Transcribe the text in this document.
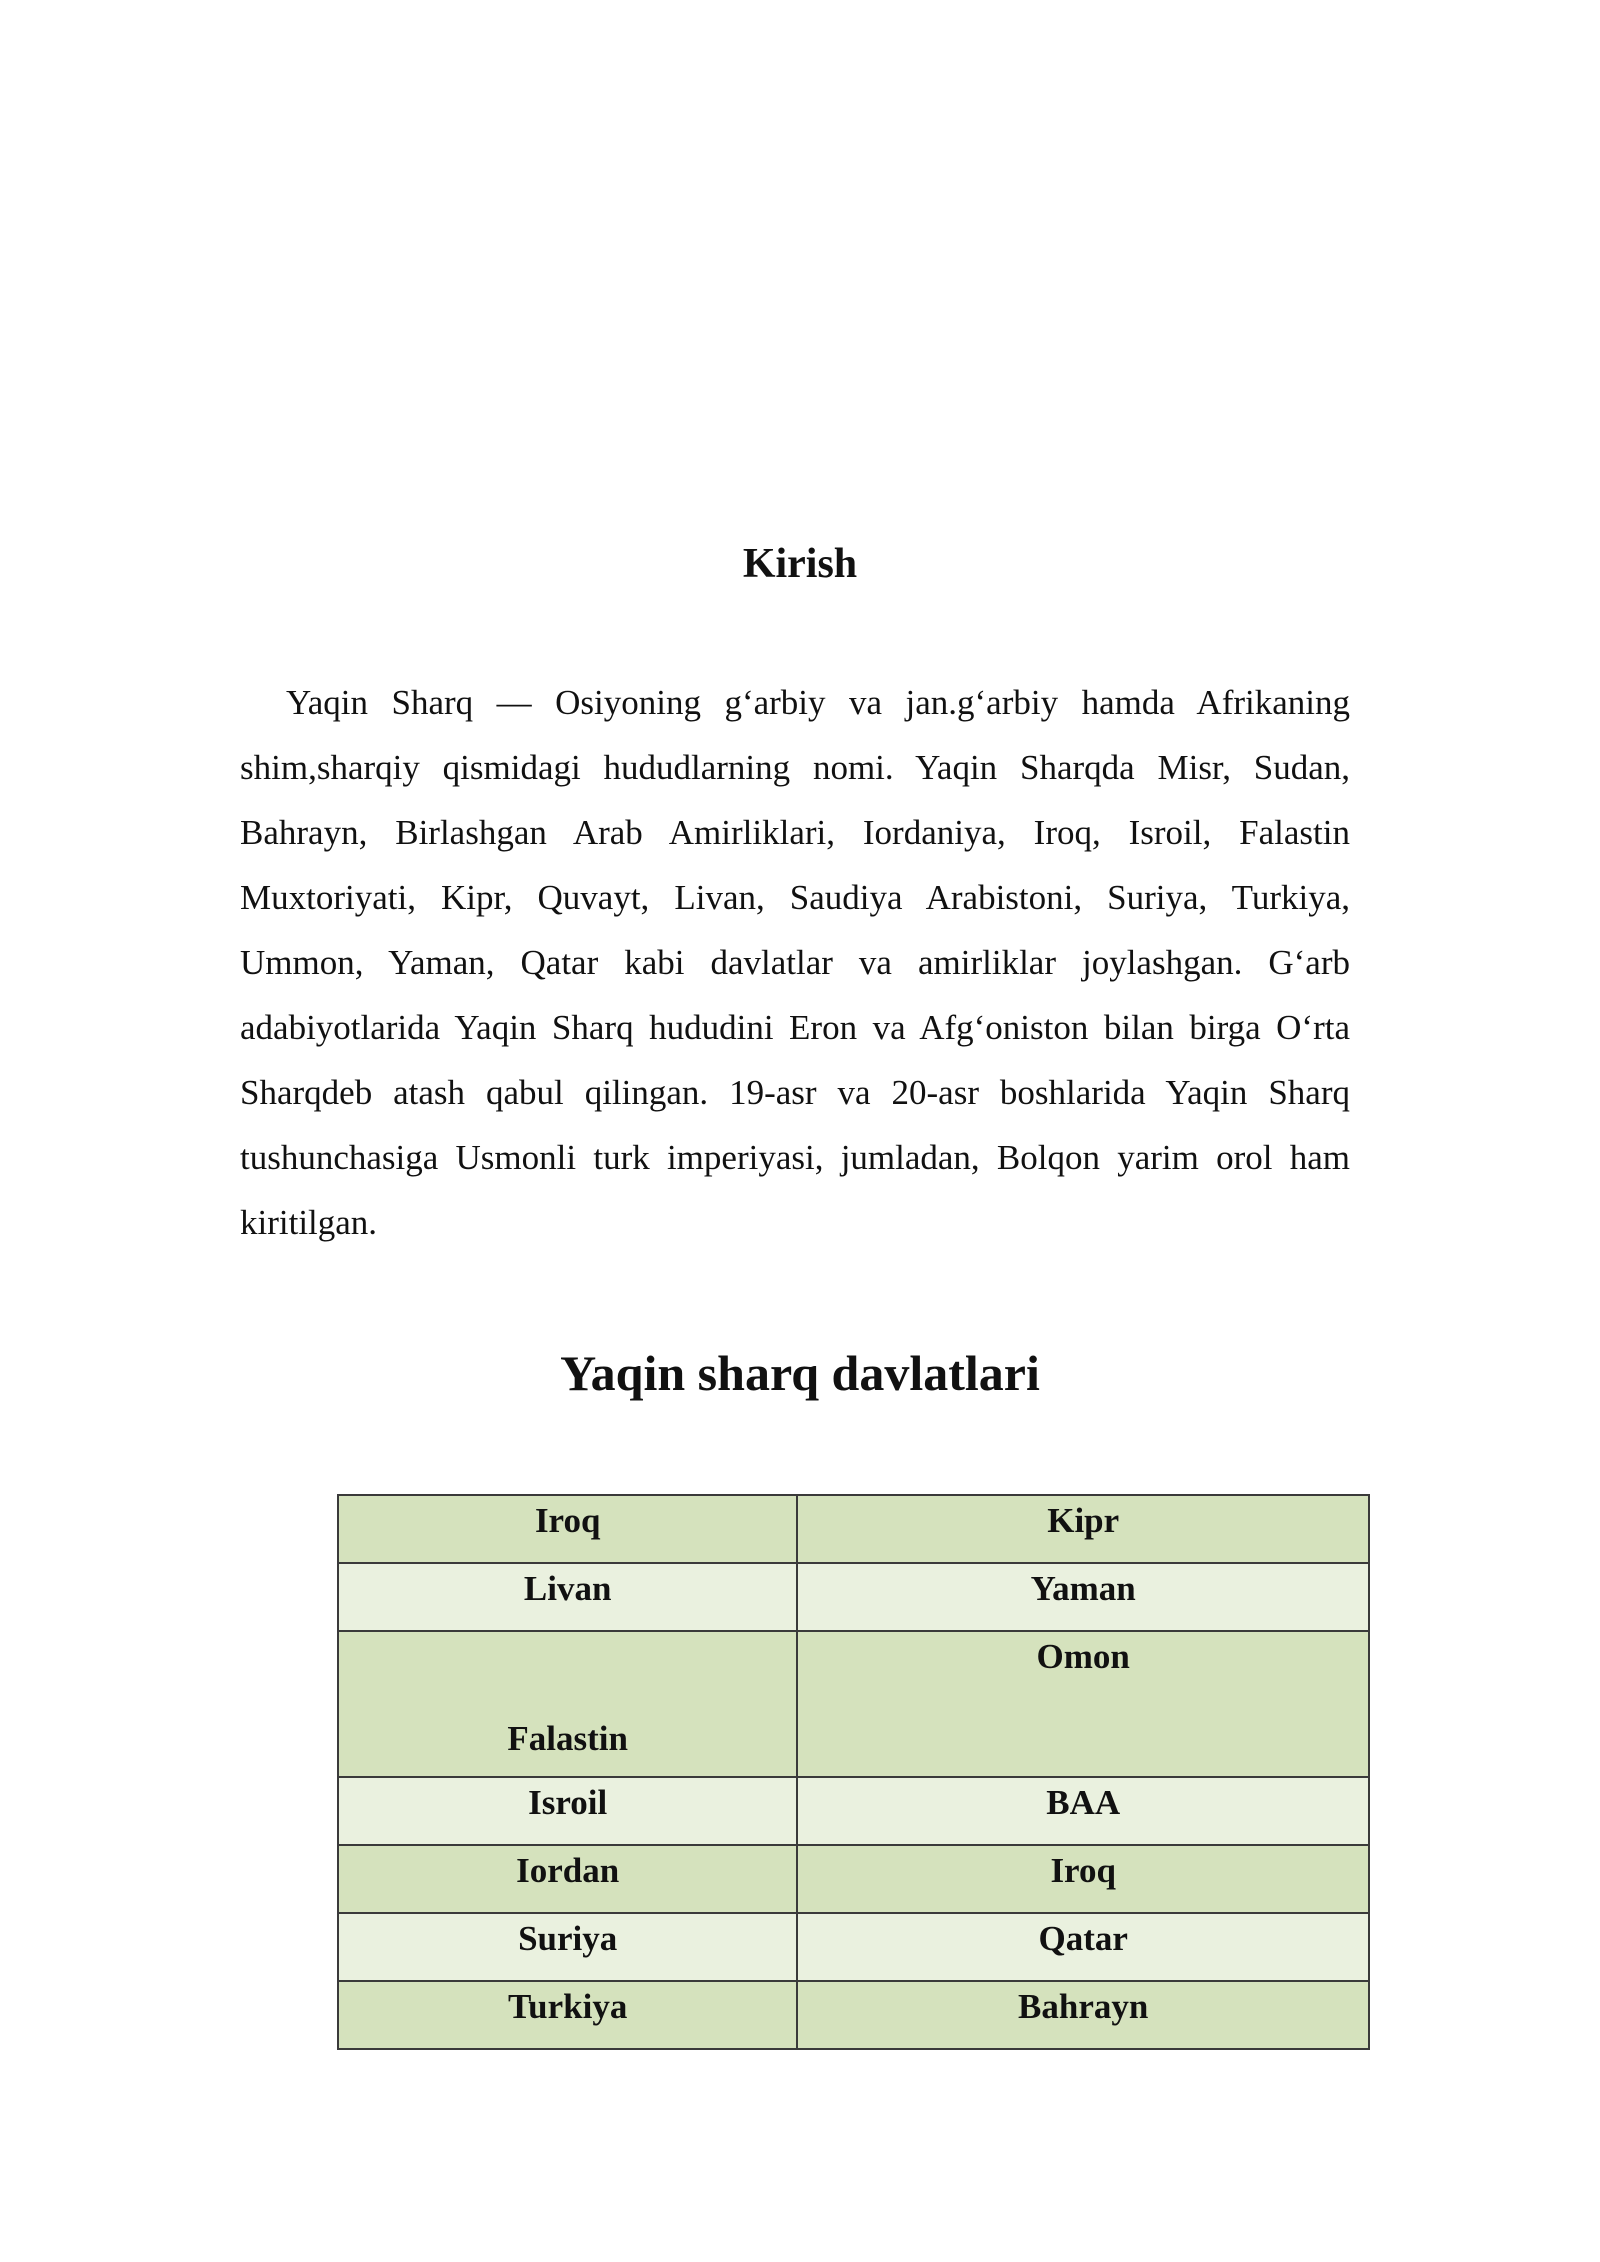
Kirish

Yaqin Sharq — Osiyoning g‘arbiy va jan.g‘arbiy hamda Afrikaning shim,sharqiy qismidagi hududlarning nomi. Yaqin Sharqda Misr, Sudan, Bahrayn, Birlashgan Arab Amirliklari, Iordaniya, Iroq, Isroil, Falastin Muxtoriyati, Kipr, Quvayt, Livan, Saudiya Arabistoni, Suriya, Turkiya, Ummon, Yaman, Qatar kabi davlatlar va amirliklar joylashgan. G‘arb adabiyotlarida Yaqin Sharq hududini Eron va Afg‘oniston bilan birga O‘rta Sharqdeb atash qabul qilingan. 19-asr va 20-asr boshlarida Yaqin Sharq tushunchasiga Usmonli turk imperiyasi, jumladan, Bolqon yarim orol ham kiritilgan.

Yaqin sharq davlatlari
Iroq	Kipr
Livan	Yaman
Falastin	Omon
Isroil	BAA
Iordan	Iroq
Suriya	Qatar
Turkiya	Bahrayn
